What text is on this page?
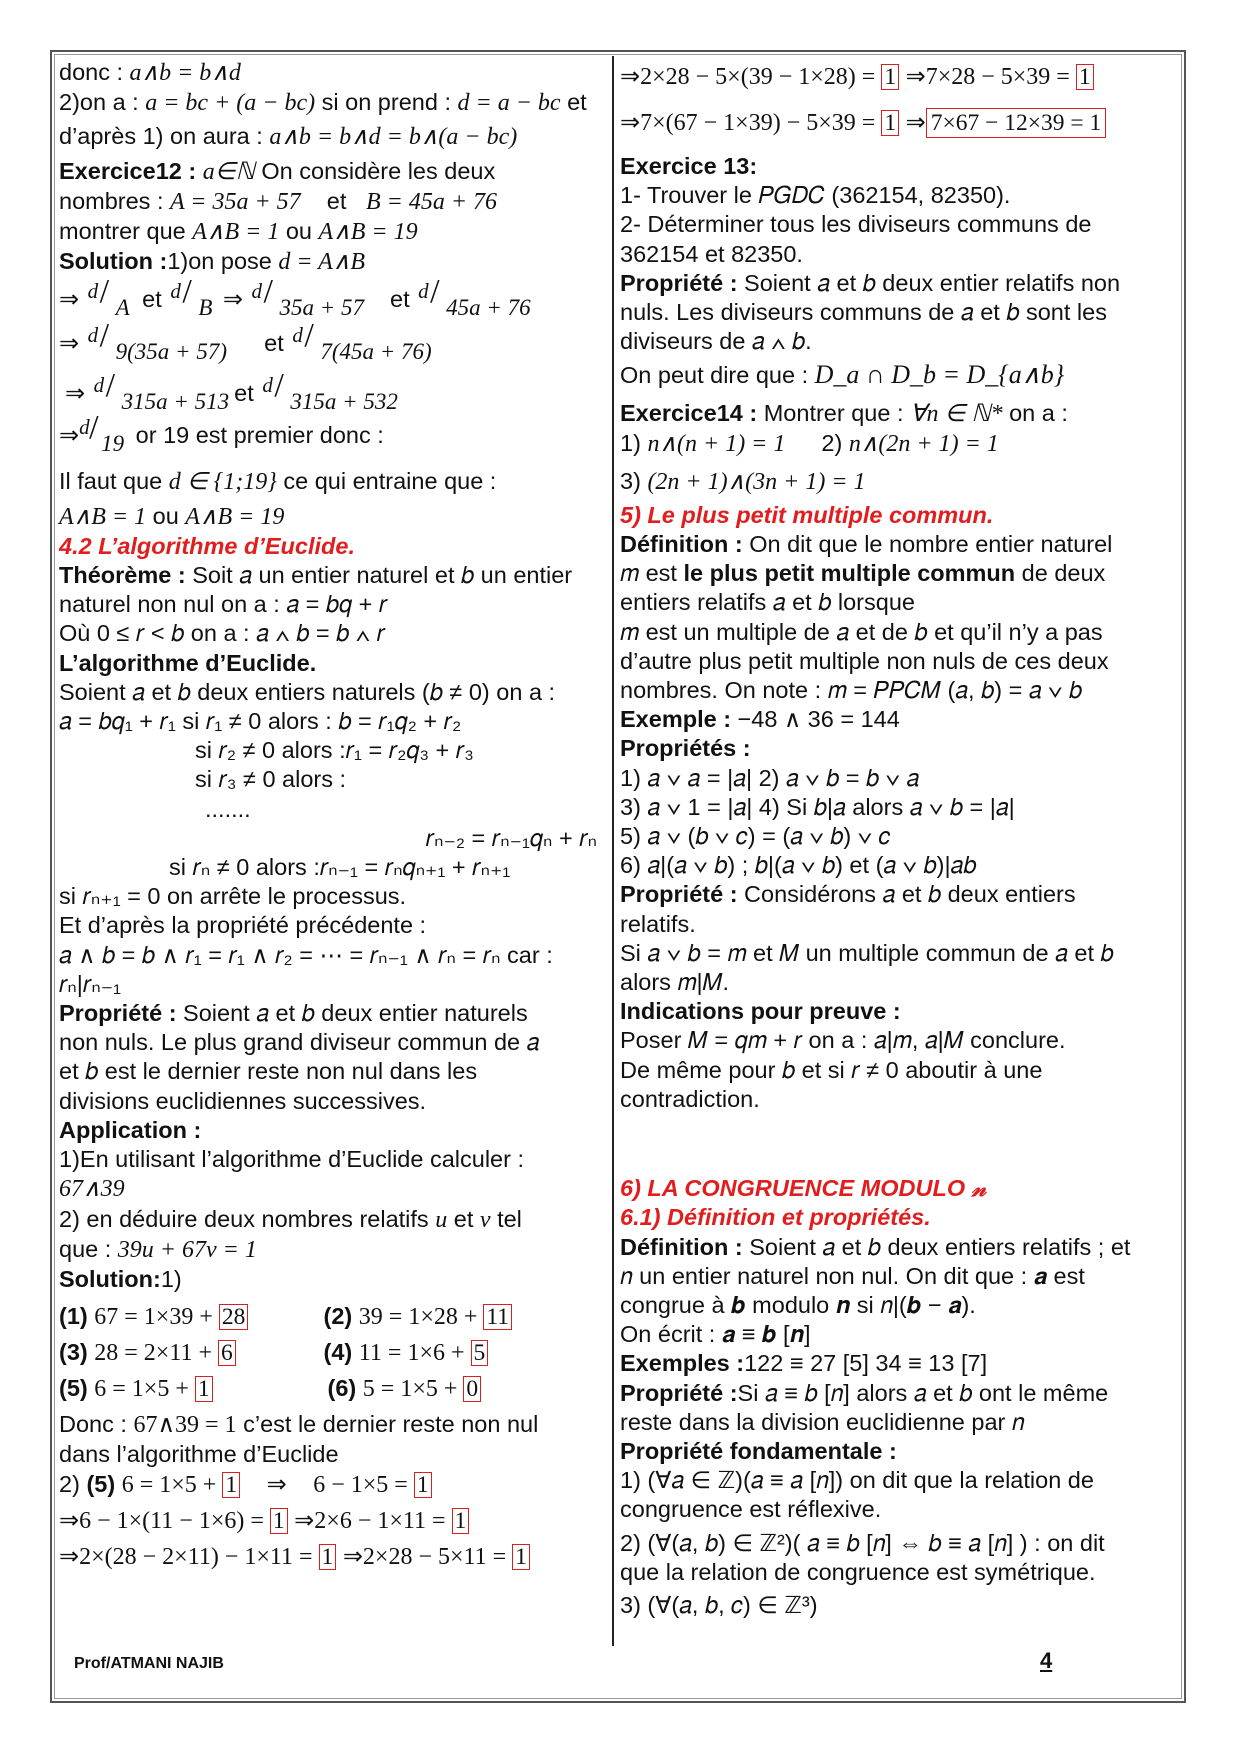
donc : a∧b = b∧d
2)on a : a = bc + (a − bc) si on prend : d = a − bc et
d’après 1) on aura : a∧b = b∧d = b∧(a − bc)
Exercice12 : a∈ℕ On considère les deux
nombres : A = 35a + 57 et B = 45a + 76
montrer que A∧B = 1 ou A∧B = 19
Solution :1)on pose d = A∧B
⇒ d / A et d / B ⇒ d / 35a + 57 et d / 45a + 76
⇒ d / 9(35a + 57) et d / 7(45a + 76)
⇒ d / 315a + 513 et d / 315a + 532
⇒ d / 19 or 19 est premier donc :
Il faut que d ∈ {1;19} ce qui entraine que :
A∧B = 1 ou A∧B = 19
4.2 L’algorithme d’Euclide.
Théorème : Soit 𝑎 un entier naturel et 𝑏 un entier
naturel non nul on a : 𝑎 = 𝑏𝑞 + 𝑟
Où 0 ≤ 𝑟 < 𝑏 on a : 𝑎 ∧ 𝑏 = 𝑏 ∧ 𝑟
L’algorithme d’Euclide.
Soient 𝑎 et 𝑏 deux entiers naturels (𝑏 ≠ 0) on a :
𝑎 = 𝑏𝑞₁ + 𝑟₁ si 𝑟₁ ≠ 0 alors : 𝑏 = 𝑟₁𝑞₂ + 𝑟₂
si 𝑟₂ ≠ 0 alors :𝑟₁ = 𝑟₂𝑞₃ + 𝑟₃
si 𝑟₃ ≠ 0 alors :
.......
𝑟ₙ₋₂ = 𝑟ₙ₋₁𝑞ₙ + 𝑟ₙ
si 𝑟ₙ ≠ 0 alors :𝑟ₙ₋₁ = 𝑟ₙ𝑞ₙ₊₁ + 𝑟ₙ₊₁
si 𝑟ₙ₊₁ = 0 on arrête le processus.
Et d’après la propriété précédente :
𝑎 ∧ 𝑏 = 𝑏 ∧ 𝑟₁ = 𝑟₁ ∧ 𝑟₂ = ⋯ = 𝑟ₙ₋₁ ∧ 𝑟ₙ = 𝑟ₙ car :
𝑟ₙ|𝑟ₙ₋₁
Propriété : Soient 𝑎 et 𝑏 deux entier naturels
non nuls. Le plus grand diviseur commun de 𝑎
et 𝑏 est le dernier reste non nul dans les
divisions euclidiennes successives.
Application :
1)En utilisant l’algorithme d’Euclide calculer :
67∧39
2) en déduire deux nombres relatifs u et v tel
que : 39u + 67v = 1
Solution:1)
(1) 67 = 1×39 + 28	(2) 39 = 1×28 + 11
(3) 28 = 2×11 + 6	(4) 11 = 1×6 + 5
(5) 6 = 1×5 + 1	(6) 5 = 1×5 + 0
Donc : 67∧39 = 1 c’est le dernier reste non nul
dans l’algorithme d’Euclide
2) (5) 6 = 1×5 + 1 ⇒ 6 − 1×5 = 1
⇒6 − 1×(11 − 1×6) = 1 ⇒2×6 − 1×11 = 1
⇒2×(28 − 2×11) − 1×11 = 1 ⇒2×28 − 5×11 = 1
⇒2×28 − 5×(39 − 1×28) = 1 ⇒7×28 − 5×39 = 1
⇒7×(67 − 1×39) − 5×39 = 1 ⇒ 7×67 − 12×39 = 1
Exercice 13:
1- Trouver le 𝑃𝐺𝐷𝐶 (362154, 82350).
2- Déterminer tous les diviseurs communs de
362154 et 82350.
Propriété : Soient 𝑎 et 𝑏 deux entier relatifs non
nuls. Les diviseurs communs de 𝑎 et 𝑏 sont les
diviseurs de 𝑎 ∧ 𝑏.
On peut dire que : D_a ∩ D_b = D_{a∧b}
Exercice14 : Montrer que : ∀n ∈ ℕ* on a :
1) n∧(n + 1) = 1 2) n∧(2n + 1) = 1
3) (2n + 1)∧(3n + 1) = 1
5) Le plus petit multiple commun.
Définition : On dit que le nombre entier naturel
𝑚 est le plus petit multiple commun de deux
entiers relatifs 𝑎 et 𝑏 lorsque
𝑚 est un multiple de 𝑎 et de 𝑏 et qu’il n’y a pas
d’autre plus petit multiple non nuls de ces deux
nombres. On note : 𝑚 = 𝑃𝑃𝐶𝑀 (𝑎, 𝑏) = 𝑎 ∨ 𝑏
Exemple : −48 ∧ 36 = 144
Propriétés :
1) 𝑎 ∨ 𝑎 = |𝑎| 2) 𝑎 ∨ 𝑏 = 𝑏 ∨ 𝑎
3) 𝑎 ∨ 1 = |𝑎| 4) Si 𝑏|𝑎 alors 𝑎 ∨ 𝑏 = |𝑎|
5) 𝑎 ∨ (𝑏 ∨ 𝑐) = (𝑎 ∨ 𝑏) ∨ 𝑐
6) 𝑎|(𝑎 ∨ 𝑏) ; 𝑏|(𝑎 ∨ 𝑏) et (𝑎 ∨ 𝑏)|𝑎𝑏
Propriété : Considérons 𝑎 et 𝑏 deux entiers
relatifs.
Si 𝑎 ∨ 𝑏 = 𝑚 et 𝑀 un multiple commun de 𝑎 et 𝑏
alors 𝑚|𝑀.
Indications pour preuve :
Poser 𝑀 = 𝑞𝑚 + 𝑟 on a : 𝑎|𝑚, 𝑎|𝑀 conclure.
De même pour 𝑏 et si 𝑟 ≠ 0 aboutir à une
contradiction.
6) LA CONGRUENCE MODULO 𝓃
6.1) Définition et propriétés.
Définition : Soient 𝑎 et 𝑏 deux entiers relatifs ; et
𝑛 un entier naturel non nul. On dit que : 𝒂 est
congrue à 𝒃 modulo 𝒏 si 𝑛|(𝒃 − 𝒂).
On écrit : 𝒂 ≡ 𝒃 [𝒏]
Exemples :122 ≡ 27 [5] 34 ≡ 13 [7]
Propriété :Si 𝑎 ≡ 𝑏 [𝑛] alors 𝑎 et 𝑏 ont le même
reste dans la division euclidienne par 𝑛
Propriété fondamentale :
1) (∀𝑎 ∈ ℤ)(𝑎 ≡ 𝑎 [𝑛]) on dit que la relation de
congruence est réflexive.
2) (∀(𝑎, 𝑏) ∈ ℤ²)( 𝑎 ≡ 𝑏 [𝑛] ⇔ 𝑏 ≡ 𝑎 [𝑛] ) : on dit
que la relation de congruence est symétrique.
3) (∀(𝑎, 𝑏, 𝑐) ∈ ℤ³)
Prof/ATMANI NAJIB	4
